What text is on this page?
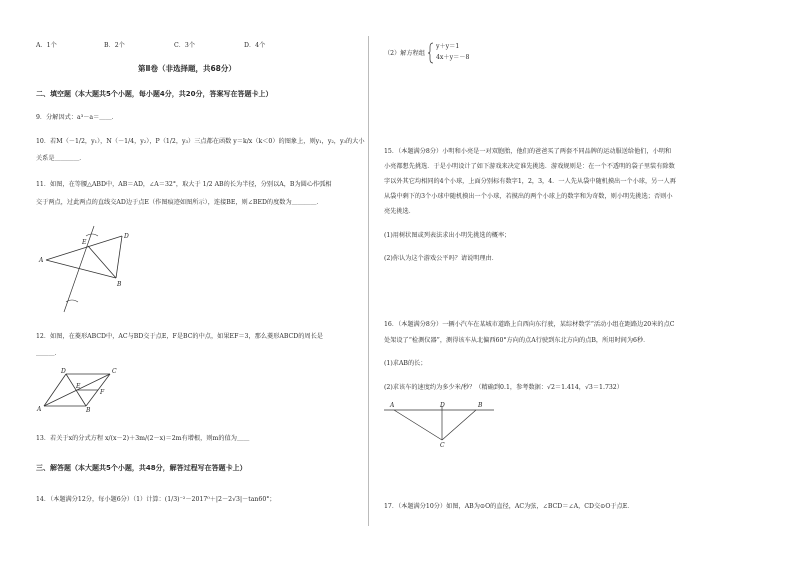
A．1个	B．2个	C．3个	D．4个
第Ⅱ卷（非选择题，共68分）
二、填空题（本大题共5个小题，每小题4分，共20分，答案写在答题卡上）
9．分解因式：a³－a＝＿＿．
10．若M（－1/2，y₁），N（－1/4，y₂），P（1/2，y₃）三点都在函数 y＝k/x（k＜0）的图象上，则y₁，y₂，y₃的大小
关系是＿＿＿＿．
11．如图，在等腰△ABD中，AB＝AD，∠A＝32°，取大于 1/2 AB的长为半径，分别以A，B为圆心作弧相
交于两点，过此两点的直线交AD边于点E（作图痕迹如图所示），连接BE，则∠BED的度数为＿＿＿＿．
A
D
E
B
12．如图，在菱形ABCD中，AC与BD交于点E，F是BC的中点，如果EF＝3，那么菱形ABCD的周长是
＿＿＿．
A
D	C
B
E
F
13．若关于x的分式方程 x/(x－2)＋3m/(2－x)＝2m有增根，则m的值为＿＿
三、解答题（本大题共5个小题，共48分，解答过程写在答题卡上）
14．（本题满分12分，每小题6分）（1）计算：(1/3)⁻²－2017⁰＋|2－2√3|－tan60°；
（2）解方程组
y＋y＝1
4x＋y＝－8
15．（本题满分8分）小明和小亮是一对双胞胎，他们的爸爸买了两套不同品牌的运动服送给他们，小明和
小亮都想先挑选．于是小明设计了如下游戏来决定谁先挑选．游戏规则是：在一个不透明的袋子里装有除数
字以外其它均相同的4个小球，上面分别标有数字1，2，3，4．一人先从袋中随机摸出一个小球，另一人再
从袋中剩下的3个小球中随机摸出一个小球，若摸出的两个小球上的数字和为奇数，则小明先挑选；否则小
亮先挑选．
(1)用树状图或列表法求出小明先挑选的概率；
(2)你认为这个游戏公平吗？请说明理由．
16．（本题满分8分）一辆小汽车在某城市道路上自西向东行驶，某综材数学“活动小组在距路边20米的点C
处架设了“检测仪器”，测得该车从北偏西60°方向的点A行驶到东北方向的点B，所用时间为6秒．
(1)求AB的长；
(2)求该车的速度约为多少米/秒？（精确到0.1，参考数据：√2＝1.414，√3＝1.732）
A	D	B
C
17．（本题满分10分）如图，AB为⊙O的直径，AC为弦，∠BCD＝∠A，CD交⊙O于点E．
